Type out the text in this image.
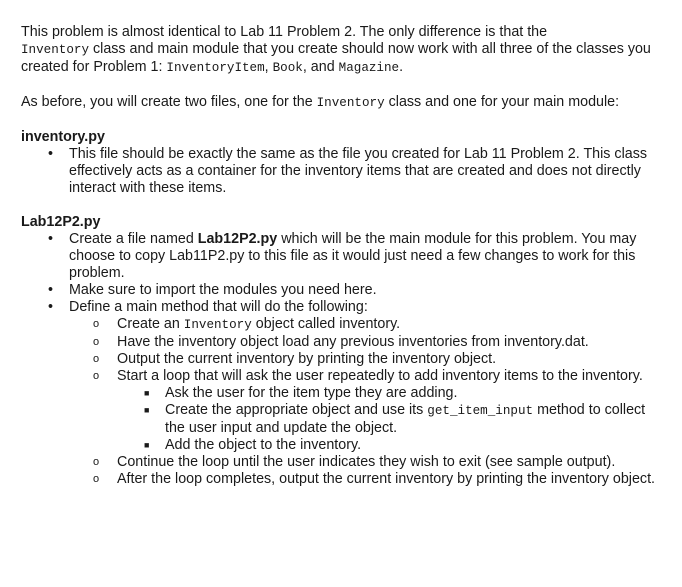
This problem is almost identical to Lab 11 Problem 2. The only difference is that the
Inventory class and main module that you create should now work with all three of the classes you created for Problem 1: InventoryItem, Book, and Magazine.

As before, you will create two files, one for the Inventory class and one for your main module:

inventory.py

• This file should be exactly the same as the file you created for Lab 11 Problem 2. This class effectively acts as a container for the inventory items that are created and does not directly interact with these items.

Lab12P2.py

• Create a file named Lab12P2.py which will be the main module for this problem. You may choose to copy Lab11P2.py to this file as it would just need a few changes to work for this problem.
• Make sure to import the modules you need here.
• Define a main method that will do the following:
o Create an Inventory object called inventory.
o Have the inventory object load any previous inventories from inventory.dat.
o Output the current inventory by printing the inventory object.
o Start a loop that will ask the user repeatedly to add inventory items to the inventory.
■ Ask the user for the item type they are adding.
■ Create the appropriate object and use its get_item_input method to collect the user input and update the object.
■ Add the object to the inventory.
o Continue the loop until the user indicates they wish to exit (see sample output).
o After the loop completes, output the current inventory by printing the inventory object.
